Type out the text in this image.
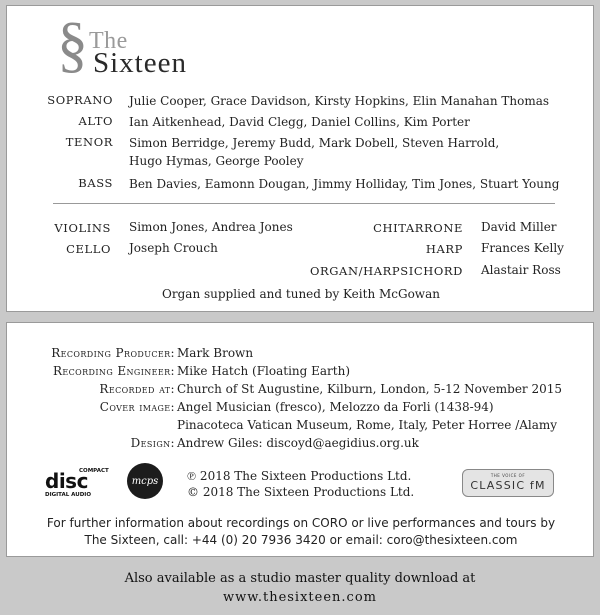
§ The
Sixteen
SOPRANO Julie Cooper, Grace Davidson, Kirsty Hopkins, Elin Manahan Thomas
ALTO Ian Aitkenhead, David Clegg, Daniel Collins, Kim Porter
TENOR Simon Berridge, Jeremy Budd, Mark Dobell, Steven Harrold,
Hugo Hymas, George Pooley
BASS Ben Davies, Eamonn Dougan, Jimmy Holliday, Tim Jones, Stuart Young
VIOLINS Simon Jones, Andrea Jones
CELLO Joseph Crouch
CHITARRONE David Miller
HARP Frances Kelly
ORGAN/HARPSICHORD Alastair Ross
Organ supplied and tuned by Keith McGowan
Recording Producer: Mark Brown
Recording Engineer: Mike Hatch (Floating Earth)
Recorded at: Church of St Augustine, Kilburn, London, 5-12 November 2015
Cover image: Angel Musician (fresco), Melozzo da Forli (1438-94)
Pinacoteca Vatican Museum, Rome, Italy, Peter Horree /Alamy
Design: Andrew Giles: discoyd@aegidius.org.uk
COMPACT
disc
DIGITAL AUDIO
mcps ℗ 2018 The Sixteen Productions Ltd.
© 2018 The Sixteen Productions Ltd.
THE VOICE OF
CLASSIC fM
For further information about recordings on CORO or live performances and tours by
The Sixteen, call: +44 (0) 20 7936 3420 or email: coro@thesixteen.com
Also available as a studio master quality download at
www.thesixteen.com
